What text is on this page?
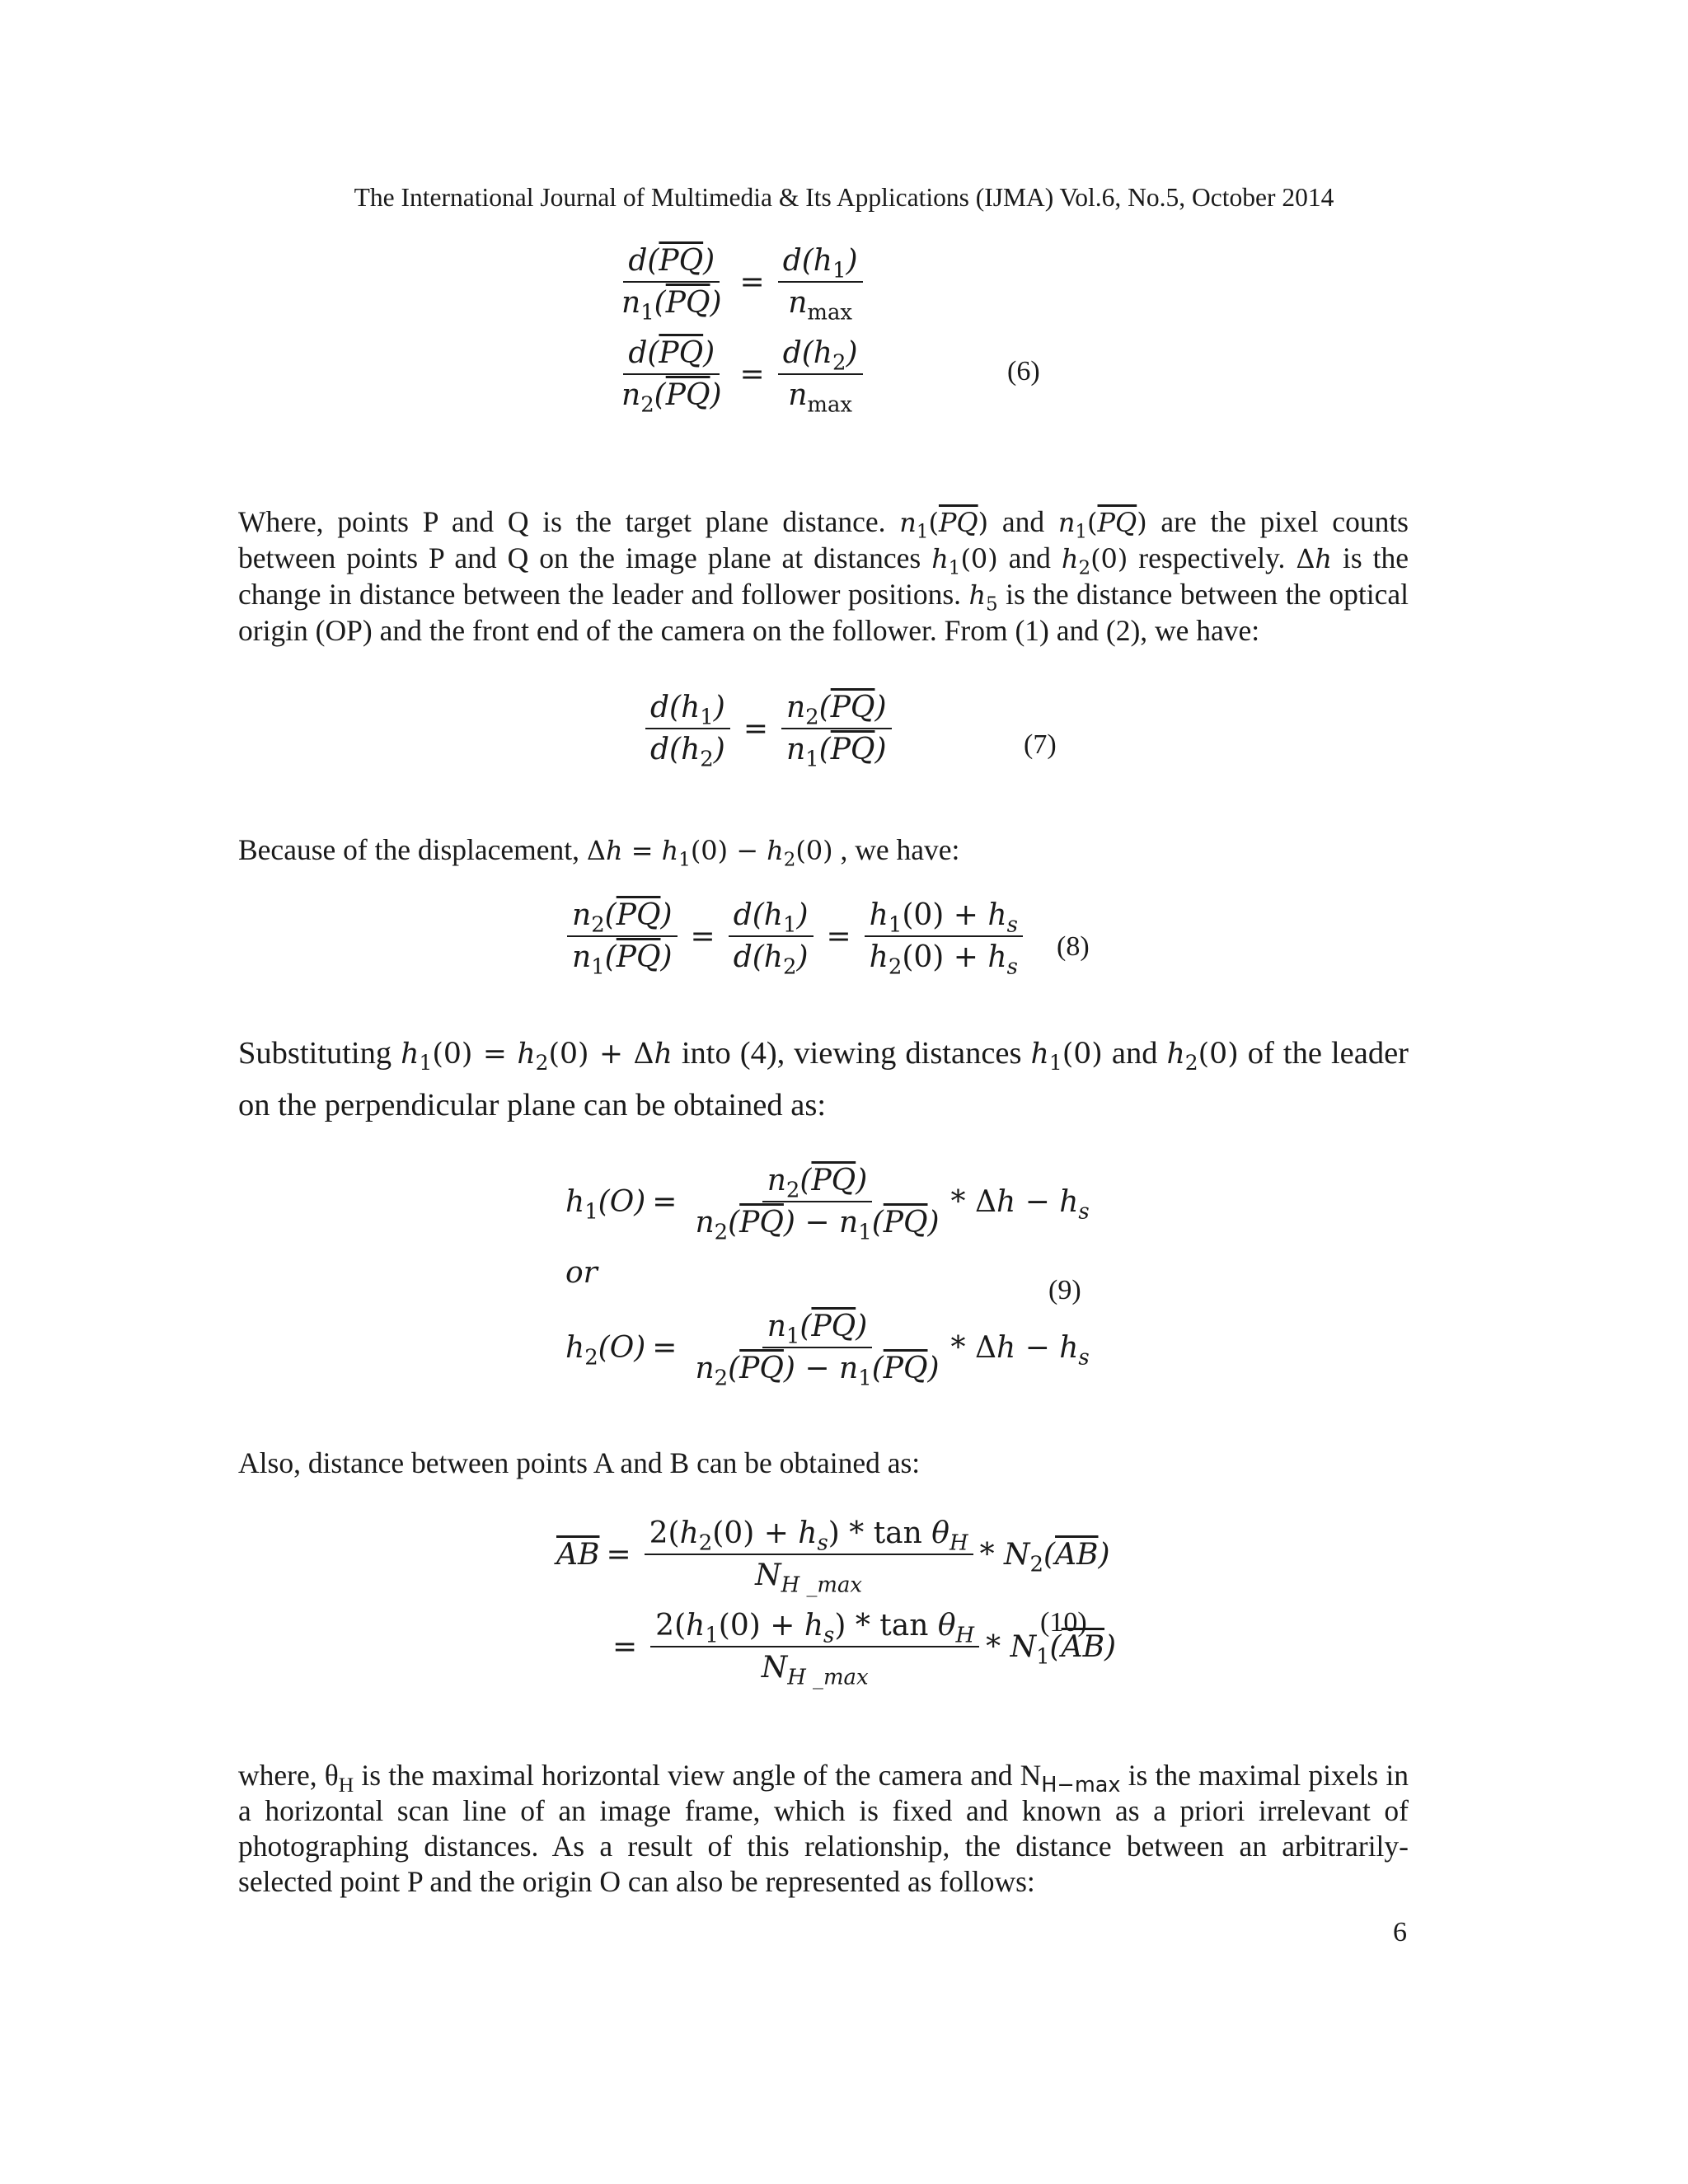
The International Journal of Multimedia & Its Applications (IJMA) Vol.6, No.5, October 2014
$\frac{d(\overline{PQ})}{n_1(\overline{PQ})} = \frac{d(h_1)}{n_{max}}$
$\frac{d(\overline{PQ})}{n_2(\overline{PQ})} = \frac{d(h_2)}{n_{max}}$	(6)
Where, points P and Q is the target plane distance. $n_1(\overline{PQ})$ and $n_1(\overline{PQ})$ are the pixel counts between points P and Q on the image plane at distances $h_1(0)$ and $h_2(0)$ respectively. Δh is the change in distance between the leader and follower positions. $h_5$ is the distance between the optical origin (OP) and the front end of the camera on the follower. From (1) and (2), we have:
$\frac{d(h_1)}{d(h_2)} = \frac{n_2(\overline{PQ})}{n_1(\overline{PQ})}$	(7)
Because of the displacement, $\Delta h = h_1(0) - h_2(0)$ , we have:
$\frac{n_2(\overline{PQ})}{n_1(\overline{PQ})} = \frac{d(h_1)}{d(h_2)} = \frac{h_1(0) + h_s}{h_2(0) + h_s} (8)$
Substituting $h_1(0) = h_2(0) + \Delta h$ into (4), viewing distances $h_1(0)$ and $h_2(0)$ of the leader on the perpendicular plane can be obtained as:
$h_1(O) = \frac{n_2(\overline{PQ})}{n_2(\overline{PQ}) - n_1(\overline{PQ})} * \Delta h - h_s$
or
$h_2(O) = \frac{n_1(\overline{PQ})}{n_2(\overline{PQ}) - n_1(\overline{PQ})} * \Delta h - h_s$
(9)
Also, distance between points A and B can be obtained as:
$\overline{AB} = \frac{2(h_2(0) + h_s) * \tan \theta_H}{N_{H \_max}} * N_2(\overline{AB})$
= $\frac{2(h_1(0) + h_s) * \tan \theta_H}{N_{H \_max}} * N_1(\overline{AB})$
(10)
where, $\theta_H$ is the maximal horizontal view angle of the camera and $N_{H-max}$ is the maximal pixels in a horizontal scan line of an image frame, which is fixed and known as a priori irrelevant of photographing distances. As a result of this relationship, the distance between an arbitrarily-selected point P and the origin O can also be represented as follows:
6
